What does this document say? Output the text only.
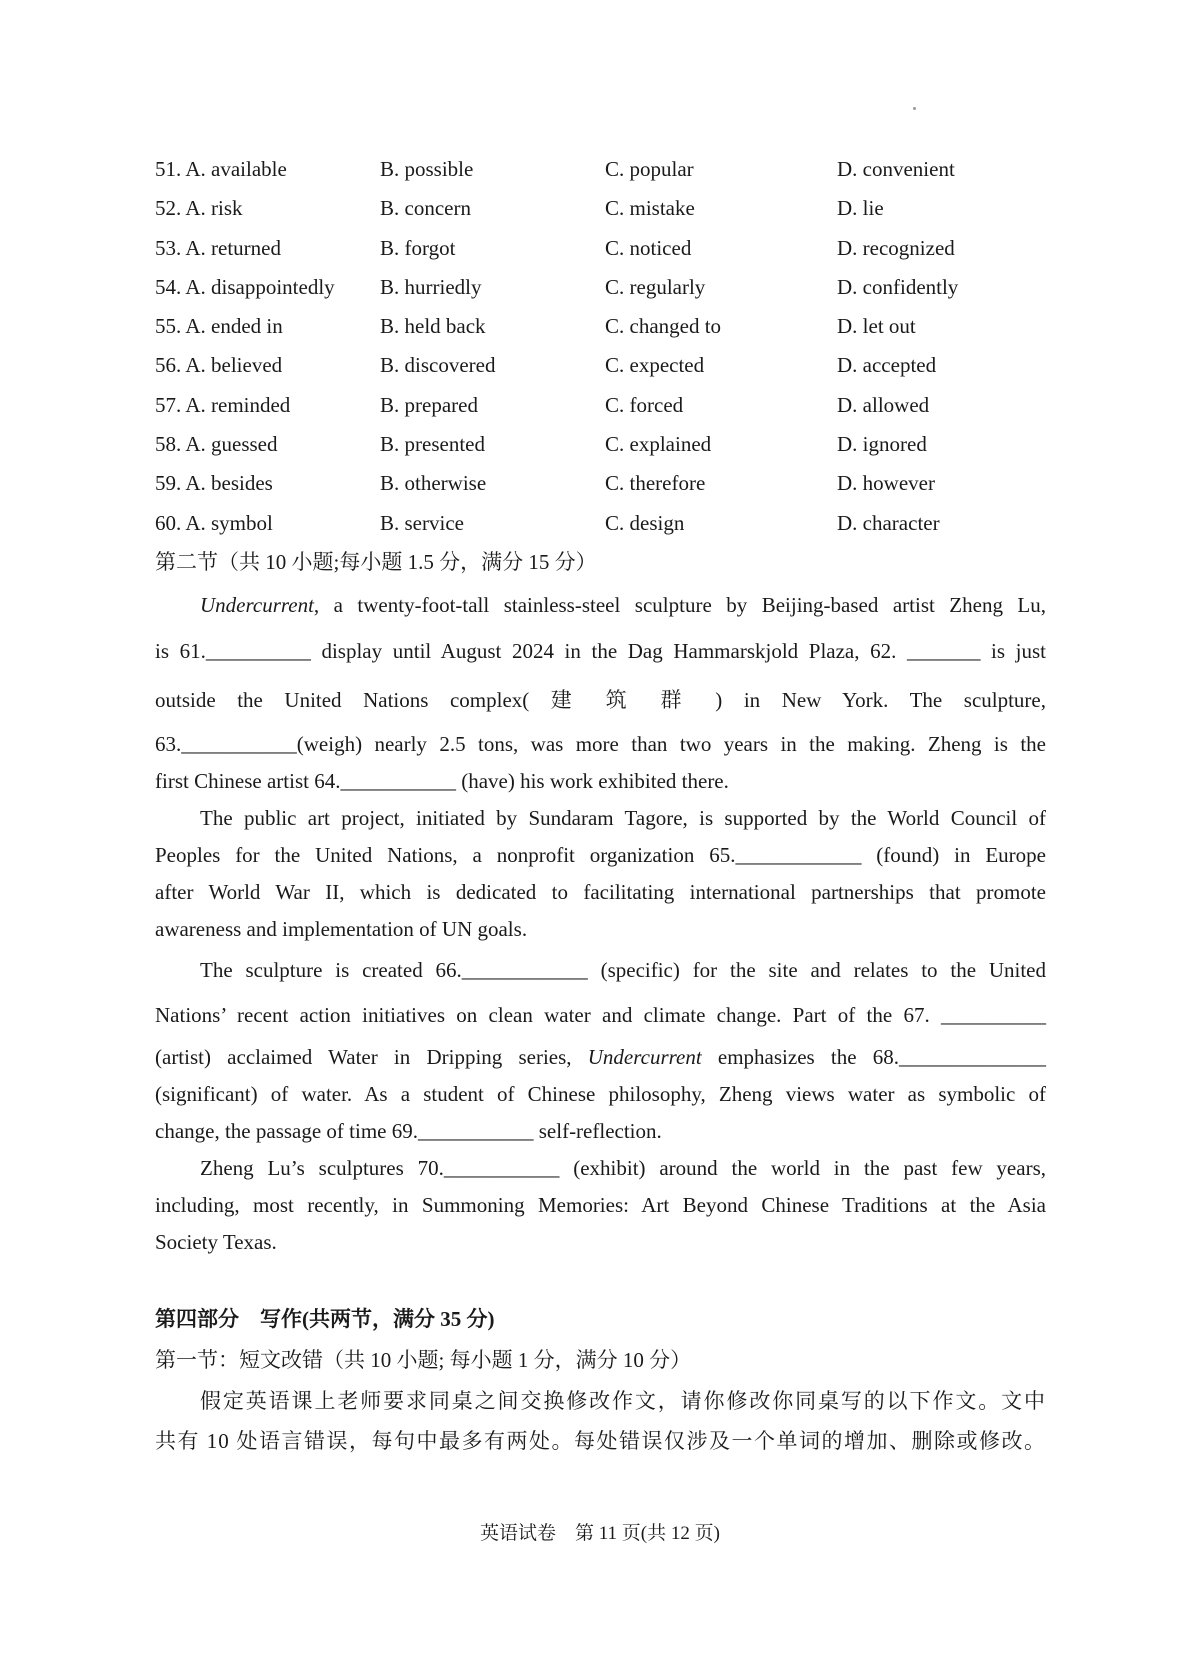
51. A. available	B. possible	C. popular	D. convenient
52. A. risk	B. concern	C. mistake	D. lie
53. A. returned	B. forgot	C. noticed	D. recognized
54. A. disappointedly	B. hurriedly	C. regularly	D. confidently
55. A. ended in	B. held back	C. changed to	D. let out
56. A. believed	B. discovered	C. expected	D. accepted
57. A. reminded	B. prepared	C. forced	D. allowed
58. A. guessed	B. presented	C. explained	D. ignored
59. A. besides	B. otherwise	C. therefore	D. however
60. A. symbol	B. service	C. design	D. character
第二节（共 10 小题;每小题 1.5 分，满分 15 分）
Undercurrent, a twenty-foot-tall stainless-steel sculpture by Beijing-based artist Zheng Lu,
is 61.__________ display until August 2024 in the Dag Hammarskjold Plaza, 62. _______ is just
outside the United Nations complex( 建 筑 群 ) in New York. The sculpture,
63.___________(weigh) nearly 2.5 tons, was more than two years in the making. Zheng is the
first Chinese artist 64.___________ (have) his work exhibited there.
The public art project, initiated by Sundaram Tagore, is supported by the World Council of
Peoples for the United Nations, a nonprofit organization 65.____________ (found) in Europe
after World War II, which is dedicated to facilitating international partnerships that promote
awareness and implementation of UN goals.
The sculpture is created 66.____________ (specific) for the site and relates to the United
Nations’ recent action initiatives on clean water and climate change. Part of the 67. __________
(artist) acclaimed Water in Dripping series, Undercurrent emphasizes the 68.______________
(significant) of water. As a student of Chinese philosophy, Zheng views water as symbolic of
change, the passage of time 69.___________ self-reflection.
Zheng Lu’s sculptures 70.___________ (exhibit) around the world in the past few years,
including, most recently, in Summoning Memories: Art Beyond Chinese Traditions at the Asia
Society Texas.
第四部分　写作(共两节，满分 35 分)
第一节：短文改错（共 10 小题; 每小题 1 分，满分 10 分）
假定英语课上老师要求同桌之间交换修改作文，请你修改你同桌写的以下作文。文中
共有 10 处语言错误，每句中最多有两处。每处错误仅涉及一个单词的增加、删除或修改。
英语试卷　第 11 页(共 12 页)
